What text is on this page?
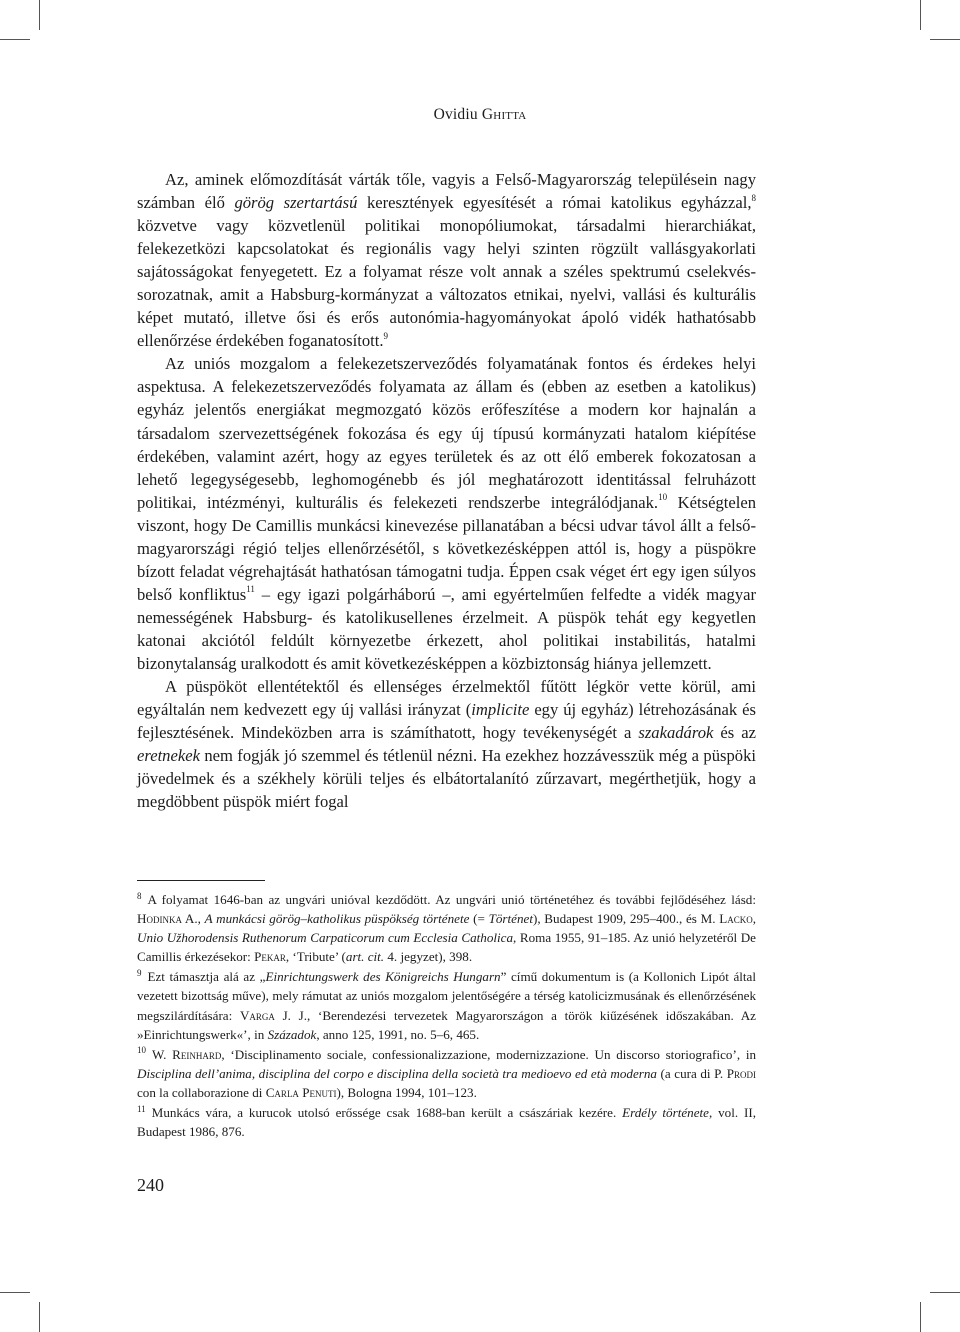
Ovidiu Ghitta

Az, aminek előmozdítását várták tőle, vagyis a Felső-Magyarország településein nagy számban élő görög szertartású keresztények egyesítését a római katolikus egyházzal,$^8$ közvetve vagy közvetlenül politikai monopóliumokat, társadalmi hierarchiákat, felekezetközi kapcsolatokat és regionális vagy helyi szinten rögzült vallásgyakorlati sajátosságokat fenyegetett. Ez a folyamat része volt annak a széles spektrumú cselekvés-sorozatnak, amit a Habsburg-kormányzat a változatos etnikai, nyelvi, vallási és kulturális képet mutató, illetve ősi és erős autonómia-hagyományokat ápoló vidék hathatósabb ellenőrzése érdekében foganatosított.$^9$

Az uniós mozgalom a felekezetszerveződés folyamatának fontos és érdekes helyi aspektusa. A felekezetszerveződés folyamata az állam és (ebben az esetben a katolikus) egyház jelentős energiákat megmozgató közös erőfeszítése a modern kor hajnalán a társadalom szervezettségének fokozása és egy új típusú kormányzati hatalom kiépítése érdekében, valamint azért, hogy az egyes területek és az ott élő emberek fokozatosan a lehető legegységesebb, leghomogénebb és jól meghatározott identitással felruházott politikai, intézményi, kulturális és felekezeti rendszerbe integrálódjanak.$^{10}$ Kétségtelen viszont, hogy De Camillis munkácsi kinevezése pillanatában a bécsi udvar távol állt a felső-magyarországi régió teljes ellenőrzésétől, s következésképpen attól is, hogy a püspökre bízott feladat végrehajtását hathatósan támogatni tudja. Éppen csak véget ért egy igen súlyos belső konfliktus$^{11}$ – egy igazi polgárháború –, ami egyértelműen felfedte a vidék magyar nemességének Habsburg- és katolikusellenes érzelmeit. A püspök tehát egy kegyetlen katonai akciótól feldúlt környezetbe érkezett, ahol politikai instabilitás, hatalmi bizonytalanság uralkodott és amit következésképpen a közbiztonság hiánya jellemzett.

A püspököt ellentétektől és ellenséges érzelmektől fűtött légkör vette körül, ami egyáltalán nem kedvezett egy új vallási irányzat (implicite egy új egyház) létrehozásának és fejlesztésének. Mindeközben arra is számíthatott, hogy tevékenységét a szakadárok és az eretnekek nem fogják jó szemmel és tétlenül nézni. Ha ezekhez hozzávesszük még a püspöki jövedelmek és a székhely körüli teljes és elbátortalanító zűrzavart, megérthetjük, hogy a megdöbbent püspök miért fogal

$^8$ A folyamat 1646-ban az ungvári unióval kezdődött. Az ungvári unió történetéhez és további fejlődéséhez lásd: Hodinka A., A munkácsi görög–katholikus püspökség története (= Történet), Budapest 1909, 295–400., és M. Lacko, Unio Užhorodensis Ruthenorum Carpaticorum cum Ecclesia Catholica, Roma 1955, 91–185. Az unió helyzetéről De Camillis érkezésekor: Pekar, ‘Tribute’ (art. cit. 4. jegyzet), 398.

$^9$ Ezt támasztja alá az „Einrichtungswerk des Königreichs Hungarn” című dokumentum is (a Kollonich Lipót által vezetett bizottság műve), mely rámutat az uniós mozgalom jelentőségére a térség katolicizmusának és ellenőrzésének megszilárdítására: Varga J. J., ‘Berendezési tervezetek Magyarországon a török kiűzésének időszakában. Az »Einrichtungswerk«’, in Századok, anno 125, 1991, no. 5–6, 465.

$^{10}$ W. Reinhard, ‘Disciplinamento sociale, confessionalizzazione, modernizzazione. Un discorso storiografico’, in Disciplina dell’anima, disciplina del corpo e disciplina della società tra medioevo ed età moderna (a cura di P. Prodi con la collaborazione di Carla Penuti), Bologna 1994, 101–123.

$^{11}$ Munkács vára, a kurucok utolsó erőssége csak 1688-ban került a császáriak kezére. Erdély története, vol. II, Budapest 1986, 876.

240
